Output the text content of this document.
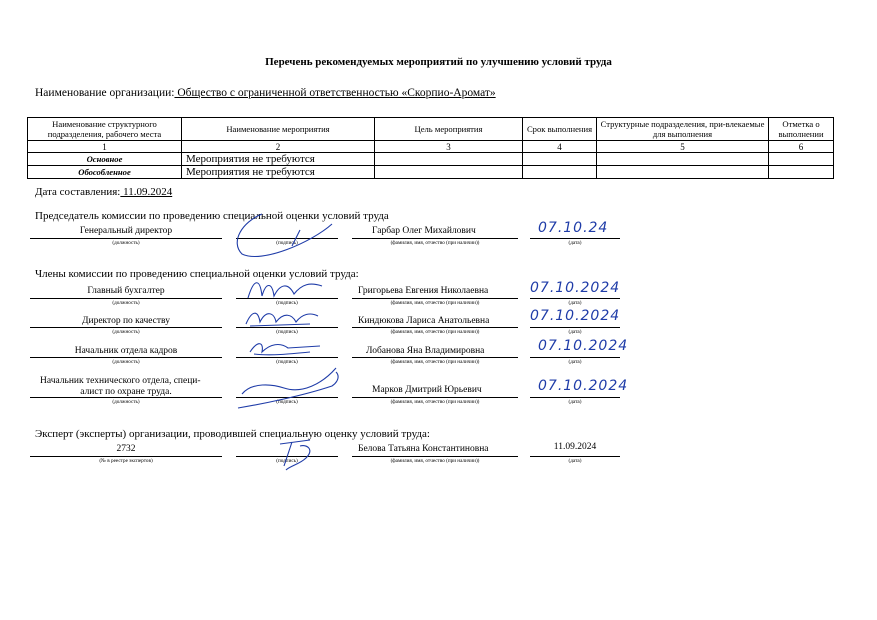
Перечень рекомендуемых мероприятий по улучшению условий труда
Наименование организации: Общество с ограниченной ответственностью «Скорпио-Аромат»
Наименование структурного подразделения, рабочего места	Наименование мероприятия	Цель мероприятия	Срок выполнения	Структурные подразделения, при-влекаемые для выполнения	Отметка о выполнении
1	2	3	4	5	6
Основное	Мероприятия не требуются				
Обособленное	Мероприятия не требуются				
Дата составления: 11.09.2024
Председатель комиссии по проведению специальной оценки условий труда
Генеральный директор	Гарбар Олег Михайлович	07.10.24
(должность)	(подпись)	(фамилия, имя, отчество (при наличии))	(дата)
Члены комиссии по проведению специальной оценки условий труда:
Главный бухгалтер	Григорьева Евгения Николаевна	07.10.2024
(должность)	(подпись)	(фамилия, имя, отчество (при наличии))	(дата)
Директор по качеству	Киндюкова Лариса Анатольевна	07.10.2024
(должность)	(подпись)	(фамилия, имя, отчество (при наличии))	(дата)
Начальник отдела кадров	Лобанова Яна Владимировна	07.10.2024
(должность)	(подпись)	(фамилия, имя, отчество (при наличии))	(дата)
Начальник технического отдела, специ-
алист по охране труда.	Марков Дмитрий Юрьевич	07.10.2024
(должность)	(подпись)	(фамилия, имя, отчество (при наличии))	(дата)
Эксперт (эксперты) организации, проводившей специальную оценку условий труда:
2732	Белова Татьяна Константиновна	11.09.2024
(№ в реестре экспертов)	(подпись)	(фамилия, имя, отчество (при наличии))	(дата)
